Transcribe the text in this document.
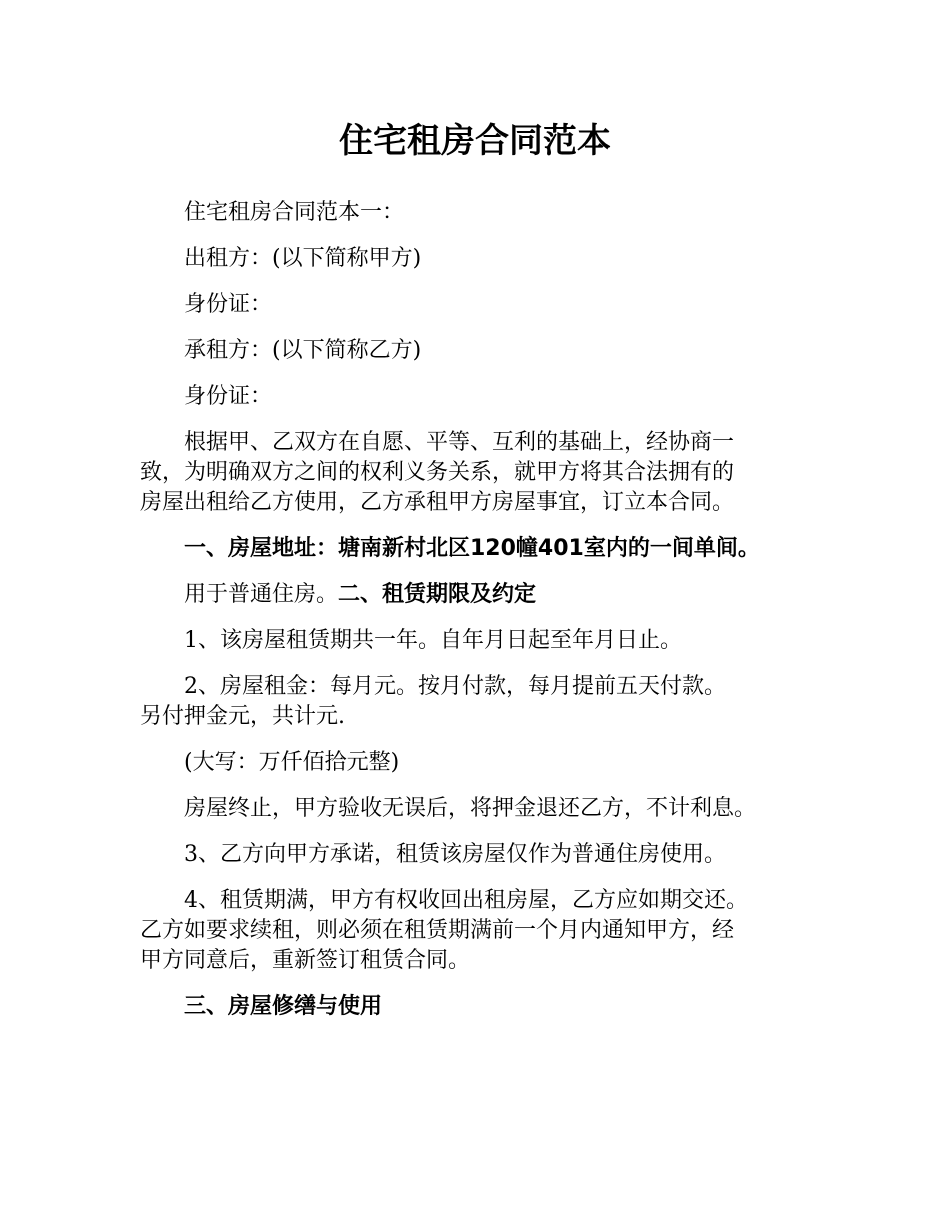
住宅租房合同范本

住宅租房合同范本一：

出租方：(以下简称甲方)

身份证：

承租方：(以下简称乙方)

身份证：

根据甲、乙双方在自愿、平等、互利的基础上，经协商一
致，为明确双方之间的权利义务关系，就甲方将其合法拥有的
房屋出租给乙方使用，乙方承租甲方房屋事宜，订立本合同。

一、房屋地址：塘南新村北区120幢401室内的一间单间。

用于普通住房。二、租赁期限及约定

1、该房屋租赁期共一年。自年月日起至年月日止。

2、房屋租金：每月元。按月付款，每月提前五天付款。
另付押金元，共计元.

(大写：万仟佰拾元整)

房屋终止，甲方验收无误后，将押金退还乙方，不计利息。

3、乙方向甲方承诺，租赁该房屋仅作为普通住房使用。

4、租赁期满，甲方有权收回出租房屋，乙方应如期交还。
乙方如要求续租，则必须在租赁期满前一个月内通知甲方，经
甲方同意后，重新签订租赁合同。

三、房屋修缮与使用
